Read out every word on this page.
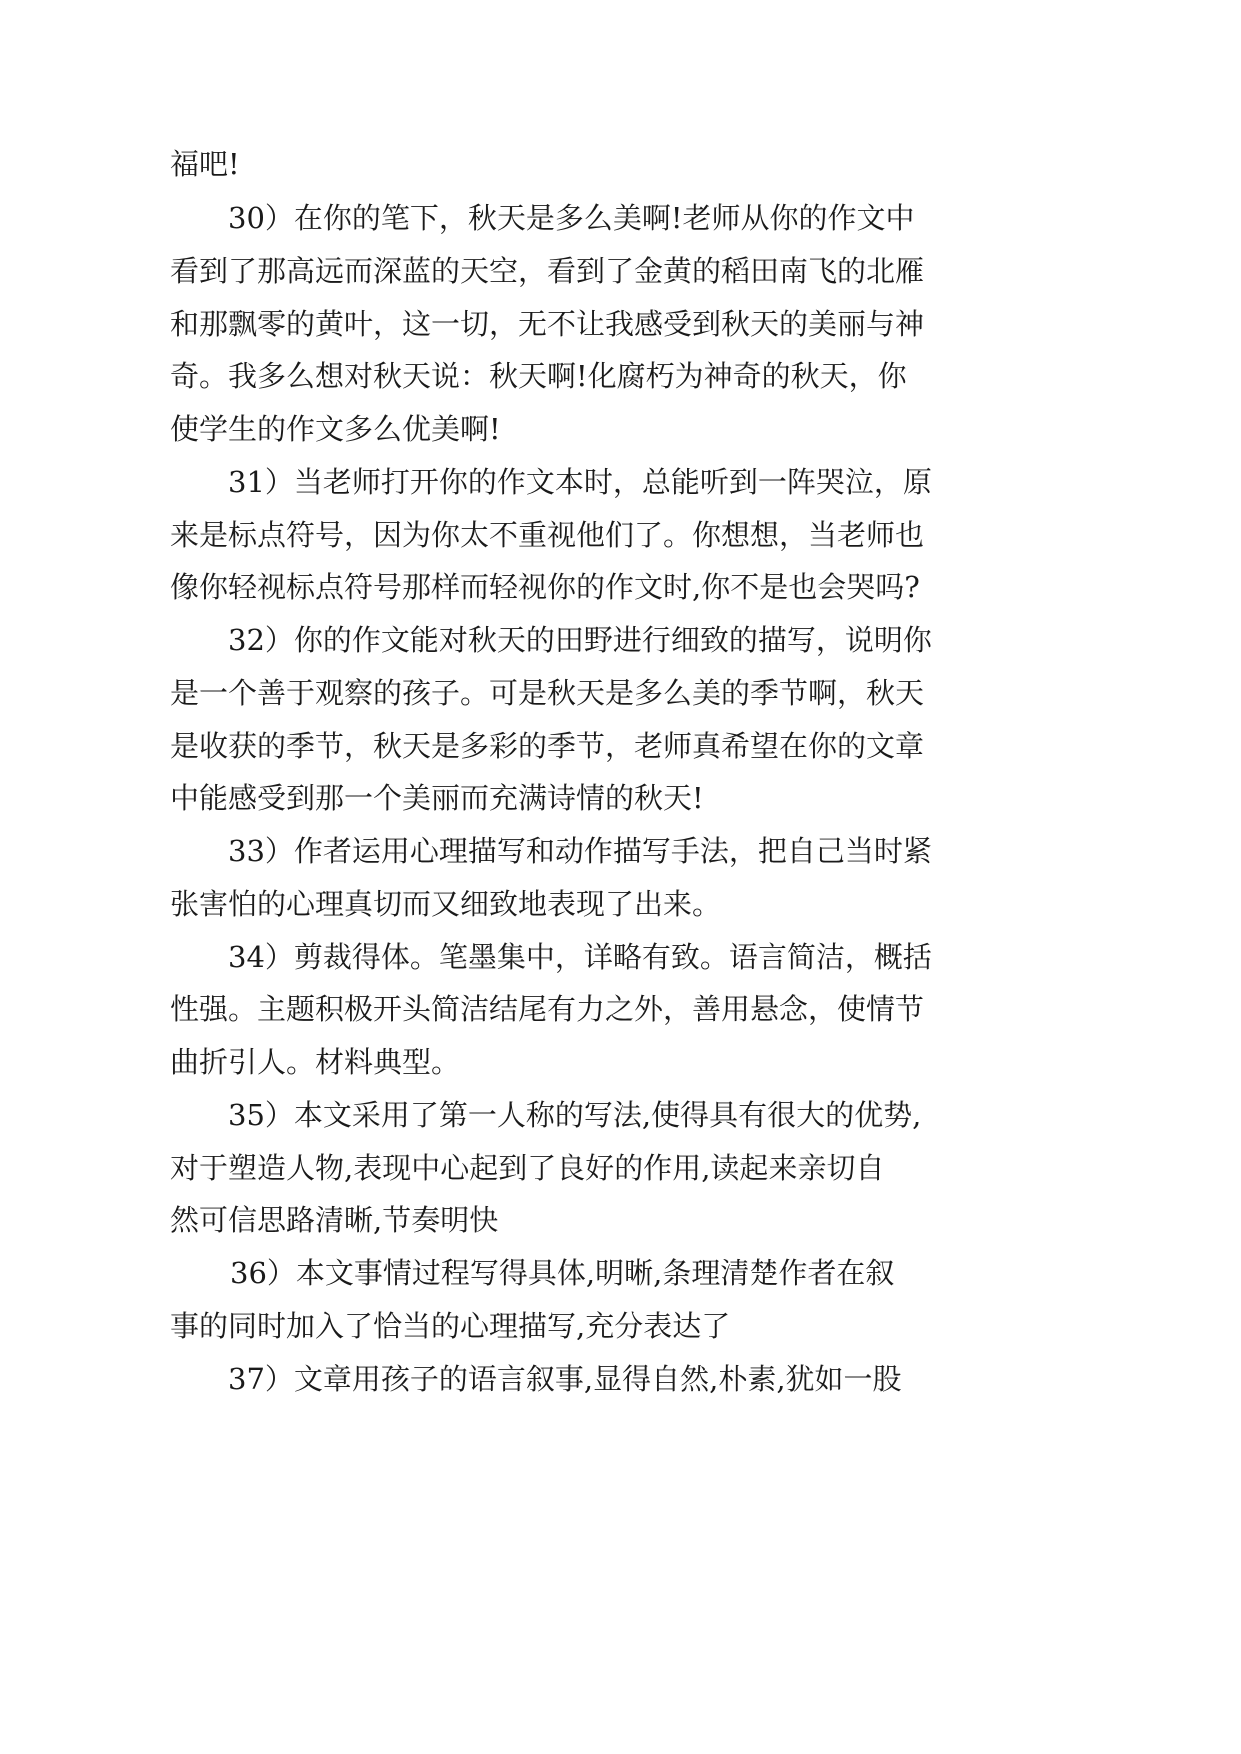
福吧!
30）在你的笔下，秋天是多么美啊!老师从你的作文中
看到了那高远而深蓝的天空，看到了金黄的稻田南飞的北雁
和那飘零的黄叶，这一切，无不让我感受到秋天的美丽与神
奇。我多么想对秋天说：秋天啊!化腐朽为神奇的秋天，你
使学生的作文多么优美啊!
31）当老师打开你的作文本时，总能听到一阵哭泣，原
来是标点符号，因为你太不重视他们了。你想想，当老师也
像你轻视标点符号那样而轻视你的作文时,你不是也会哭吗?
32）你的作文能对秋天的田野进行细致的描写，说明你
是一个善于观察的孩子。可是秋天是多么美的季节啊，秋天
是收获的季节，秋天是多彩的季节，老师真希望在你的文章
中能感受到那一个美丽而充满诗情的秋天!
33）作者运用心理描写和动作描写手法，把自己当时紧
张害怕的心理真切而又细致地表现了出来。
34）剪裁得体。笔墨集中，详略有致。语言简洁，概括
性强。主题积极开头简洁结尾有力之外，善用悬念，使情节
曲折引人。材料典型。
35）本文采用了第一人称的写法,使得具有很大的优势,
对于塑造人物,表现中心起到了良好的作用,读起来亲切自
然可信思路清晰,节奏明快
36）本文事情过程写得具体,明晰,条理清楚作者在叙
事的同时加入了恰当的心理描写,充分表达了
37）文章用孩子的语言叙事,显得自然,朴素,犹如一股
